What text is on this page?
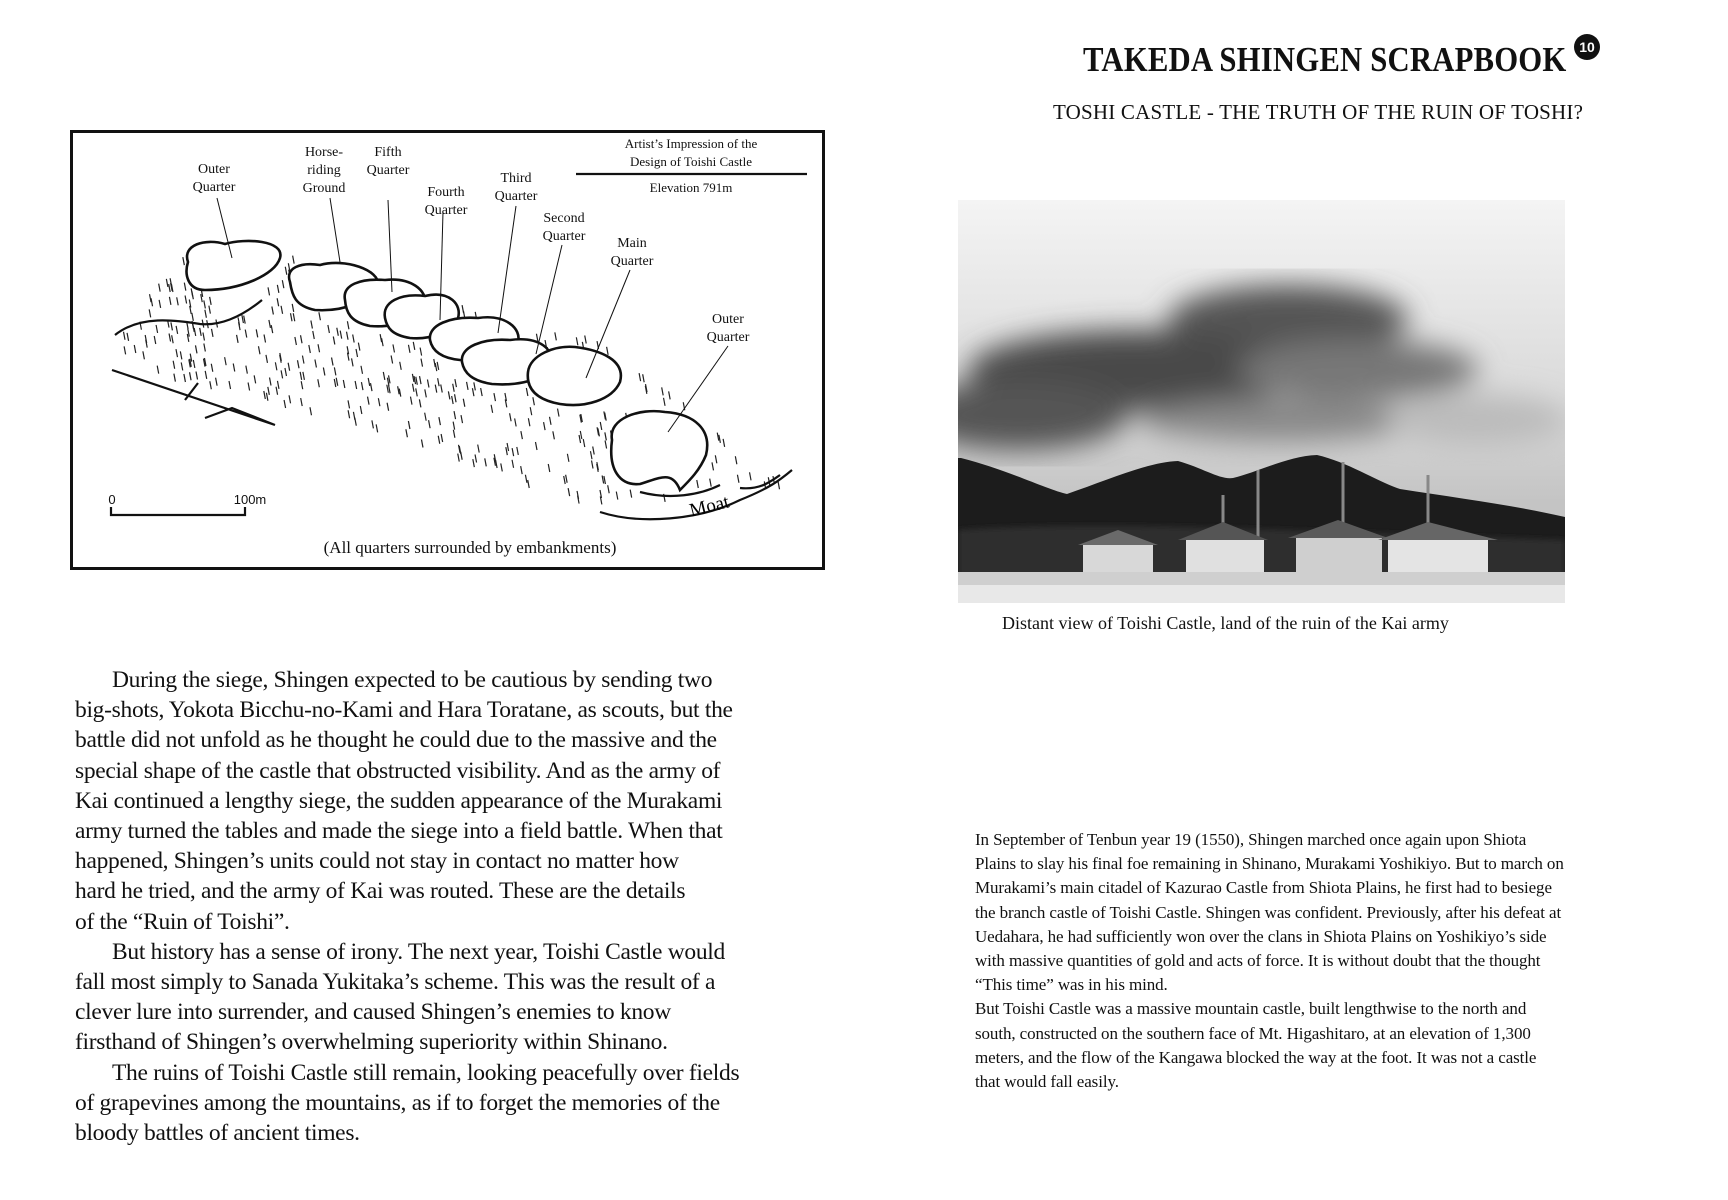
TAKEDA SHINGEN SCRAPBOOK 10
TOSHI CASTLE - THE TRUTH OF THE RUIN OF TOSHI?
Moat
Artist’s Impression of the
Design of Toishi Castle
Elevation 791m
Outer
Quarter
Horse-
riding
Ground
Fifth
Quarter
Fourth
Quarter
Third
Quarter
Second
Quarter	Main
Quarter
Outer
Quarter
0	100m
(All quarters surrounded by embankments)
Distant view of Toishi Castle, land of the ruin of the Kai army
During the siege, Shingen expected to be cautious by sending two
big-shots, Yokota Bicchu-no-Kami and Hara Toratane, as scouts, but the
battle did not unfold as he thought he could due to the massive and the
special shape of the castle that obstructed visibility. And as the army of
Kai continued a lengthy siege, the sudden appearance of the Murakami
army turned the tables and made the siege into a field battle. When that
happened, Shingen’s units could not stay in contact no matter how
hard he tried, and the army of Kai was routed. These are the details
of the “Ruin of Toishi”.
But history has a sense of irony. The next year, Toishi Castle would
fall most simply to Sanada Yukitaka’s scheme. This was the result of a
clever lure into surrender, and caused Shingen’s enemies to know
firsthand of Shingen’s overwhelming superiority within Shinano.
The ruins of Toishi Castle still remain, looking peacefully over fields
of grapevines among the mountains, as if to forget the memories of the
bloody battles of ancient times.
In September of Tenbun year 19 (1550), Shingen marched once again upon Shiota
Plains to slay his final foe remaining in Shinano, Murakami Yoshikiyo. But to march on
Murakami’s main citadel of Kazurao Castle from Shiota Plains, he first had to besiege
the branch castle of Toishi Castle. Shingen was confident. Previously, after his defeat at
Uedahara, he had sufficiently won over the clans in Shiota Plains on Yoshikiyo’s side
with massive quantities of gold and acts of force. It is without doubt that the thought
“This time” was in his mind.
But Toishi Castle was a massive mountain castle, built lengthwise to the north and
south, constructed on the southern face of Mt. Higashitaro, at an elevation of 1,300
meters, and the flow of the Kangawa blocked the way at the foot. It was not a castle
that would fall easily.
